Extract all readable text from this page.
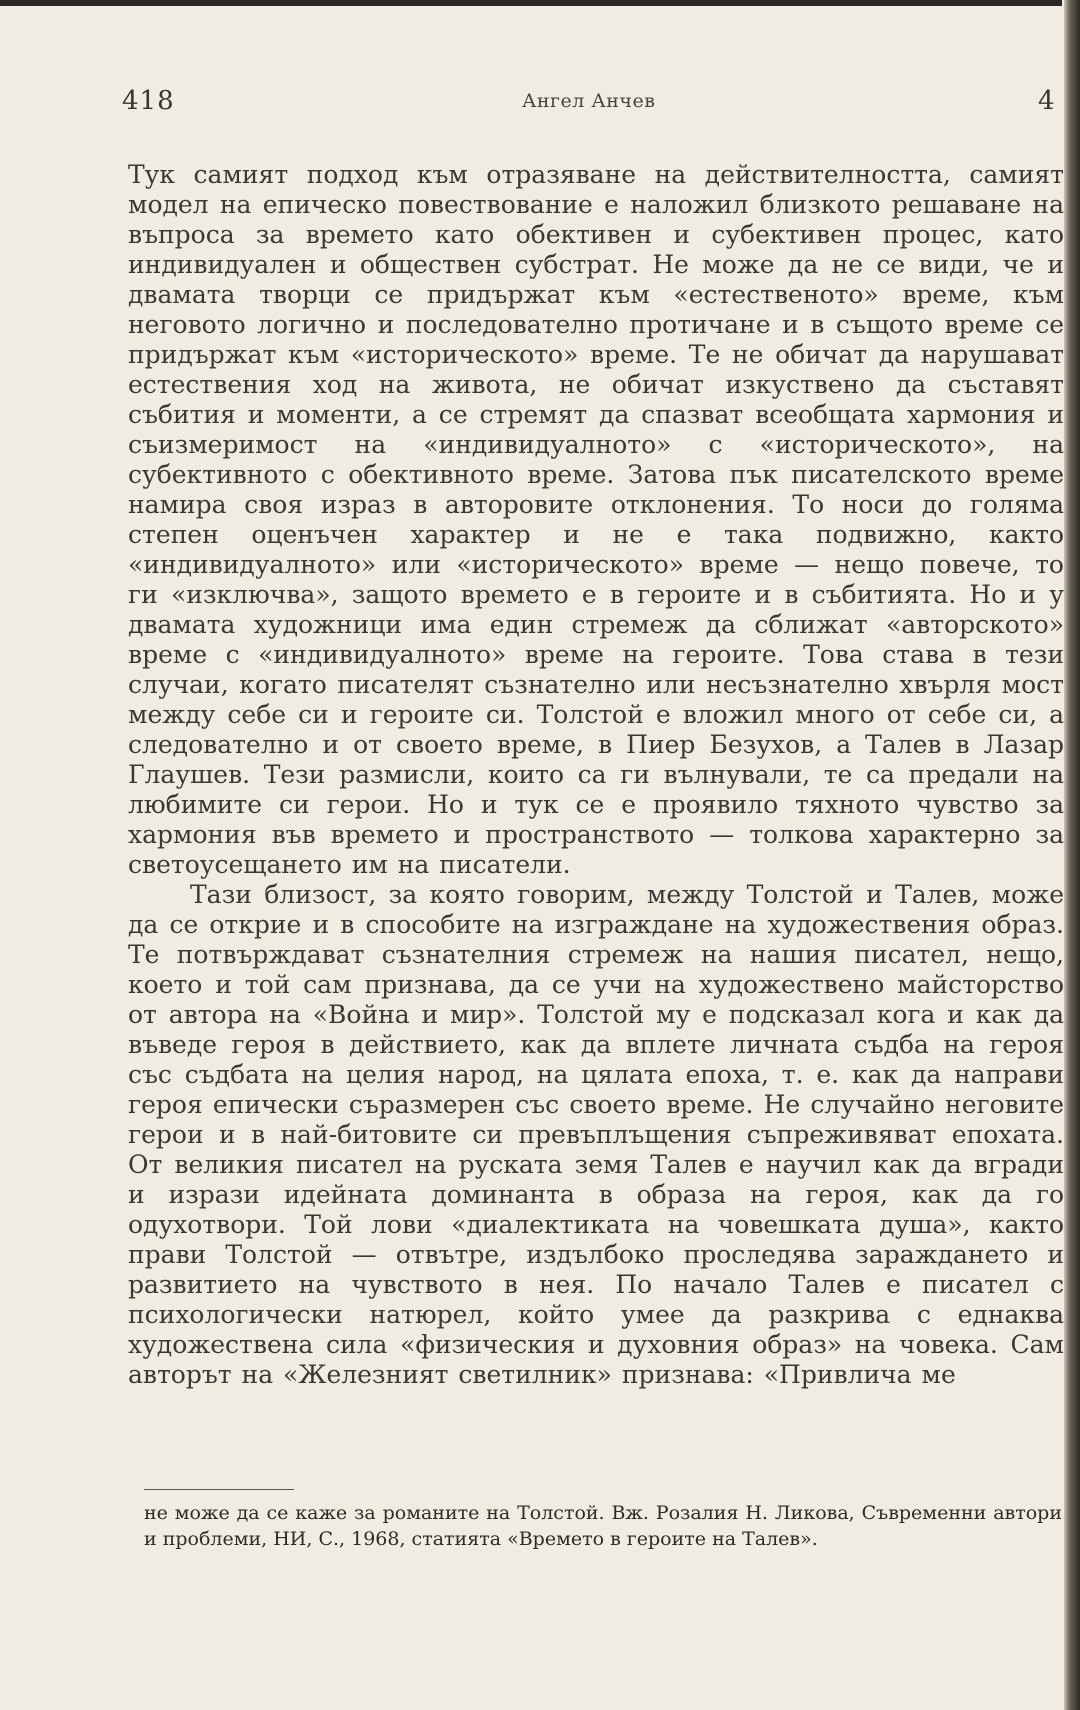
418	Ангел Анчев	4

Тук самият подход към отразяване на действителността, самият модел на епическо повествование е наложил близкото решаване на въпроса за времето като обективен и субективен процес, като индивидуален и обществен субстрат. Не може да не се види, че и двамата творци се придържат към «естественото» време, към неговото логично и последователно протичане и в същото време се придържат към «историческото» време. Те не обичат да нарушават естествения ход на живота, не обичат изкуствено да съставят събития и моменти, а се стремят да спазват всеобщата хармония и съизмеримост на «индивидуалното» с «историческото», на субективното с обективното време. Затова пък писателското време намира своя израз в авторовите отклонения. То носи до голяма степен оценъчен характер и не е така подвижно, както «индивидуалното» или «историческото» време — нещо повече, то ги «изключва», защото времето е в героите и в събитията. Но и у двамата художници има един стремеж да сближат «авторското» време с «индивидуалното» време на героите. Това става в тези случаи, когато писателят съзнателно или несъзнателно хвърля мост между себе си и героите си. Толстой е вложил много от себе си, а следователно и от своето време, в Пиер Безухов, а Талев в Лазар Глаушев. Тези размисли, които са ги вълнували, те са предали на любимите си герои. Но и тук се е проявило тяхното чувство за хармония във времето и пространството — толкова характерно за светоусещането им на писатели.

Тази близост, за която говорим, между Толстой и Талев, може да се открие и в способите на изграждане на художествения образ. Те потвърждават съзнателния стремеж на нашия писател, нещо, което и той сам признава, да се учи на художествено майсторство от автора на «Война и мир». Толстой му е подсказал кога и как да въведе героя в действието, как да вплете личната съдба на героя със съдбата на целия народ, на цялата епоха, т. е. как да направи героя епически съразмерен със своето време. Не случайно неговите герои и в най-битовите си превъплъщения съпреживяват епохата. От великия писател на руската земя Талев е научил как да вгради и изрази идейната доминанта в образа на героя, как да го одухотвори. Той лови «диалектиката на човешката душа», както прави Толстой — отвътре, издълбоко проследява зараждането и развитието на чувството в нея. По начало Талев е писател с психологически натюрел, който умее да разкрива с еднаква художествена сила «физическия и духовния образ» на човека. Сам авторът на «Железният светилник» признава: «Привлича ме

не може да се каже за романите на Толстой. Вж. Розалия Н. Ликова, Съвременни автори и проблеми, НИ, С., 1968, статията «Времето в героите на Талев».
